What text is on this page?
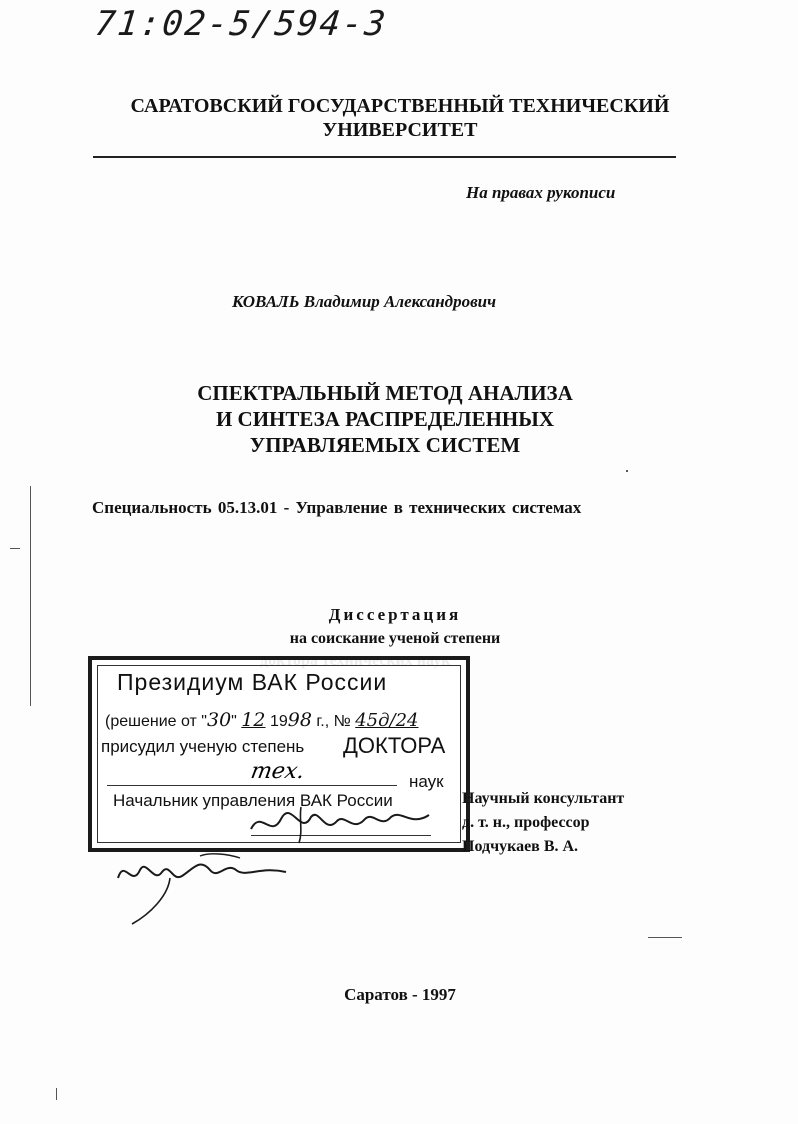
71:02-5/594-3
САРАТОВСКИЙ ГОСУДАРСТВЕННЫЙ ТЕХНИЧЕСКИЙ
УНИВЕРСИТЕТ
На правах рукописи
КОВАЛЬ Владимир Александрович
СПЕКТРАЛЬНЫЙ МЕТОД АНАЛИЗА
И СИНТЕЗА РАСПРЕДЕЛЕННЫХ
УПРАВЛЯЕМЫХ СИСТЕМ
Специальность 05.13.01 - Управление в технических системах
Диссертация
на соискание ученой степени
Президиум ВАК России
(решение от "30" 12 1998 г., № 45д/24
присудил ученую степень ДОКТОРА
тех.	наук
Начальник управления ВАК России	Научный консультант
д. т. н., профессор
Подчукаев В. А.
Саратов - 1997
